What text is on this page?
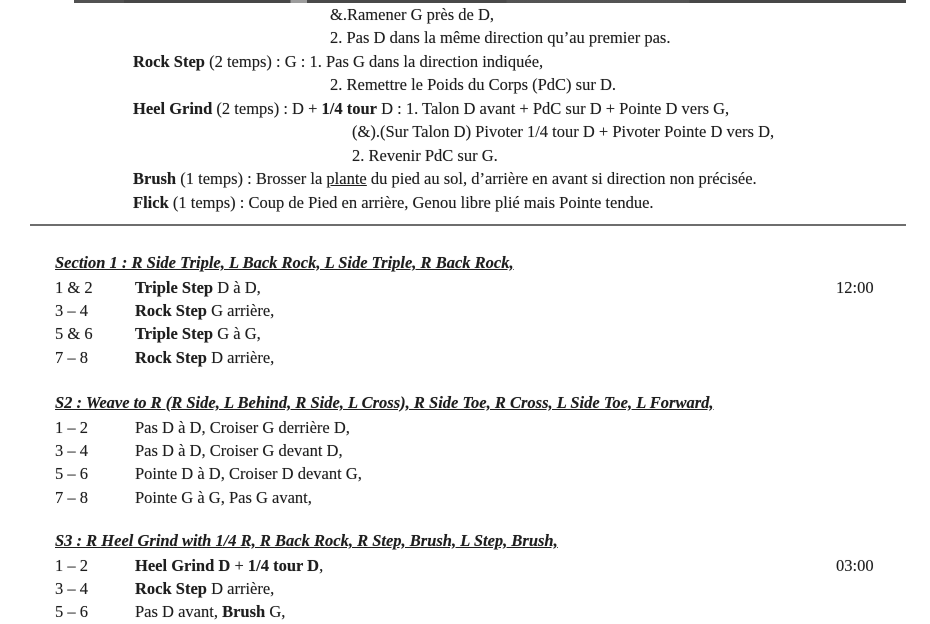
&.Ramener G près de D,
2. Pas D dans la même direction qu’au premier pas.
Rock Step (2 temps) : G : 1. Pas G dans la direction indiquée,
2. Remettre le Poids du Corps (PdC) sur D.
Heel Grind (2 temps) : D + 1/4 tour D : 1. Talon D avant + PdC sur D + Pointe D vers G,
(&).(Sur Talon D) Pivoter 1/4 tour D + Pivoter Pointe D vers D,
2. Revenir PdC sur G.
Brush (1 temps) : Brosser la plante du pied au sol, d’arrière en avant si direction non précisée.
Flick (1 temps) : Coup de Pied en arrière, Genou libre plié mais Pointe tendue.
Section 1 : R Side Triple, L Back Rock, L Side Triple, R Back Rock,
1 & 2	Triple Step D à D,	12:00
3 – 4	Rock Step G arrière,
5 & 6	Triple Step G à G,
7 – 8	Rock Step D arrière,
S2 : Weave to R (R Side, L Behind, R Side, L Cross), R Side Toe, R Cross, L Side Toe, L Forward,
1 – 2	Pas D à D, Croiser G derrière D,
3 – 4	Pas D à D, Croiser G devant D,
5 – 6	Pointe D à D, Croiser D devant G,
7 – 8	Pointe G à G, Pas G avant,
S3 : R Heel Grind with 1/4 R, R Back Rock, R Step, Brush, L Step, Brush,
1 – 2	Heel Grind D + 1/4 tour D,	03:00
3 – 4	Rock Step D arrière,
5 – 6	Pas D avant, Brush G,
